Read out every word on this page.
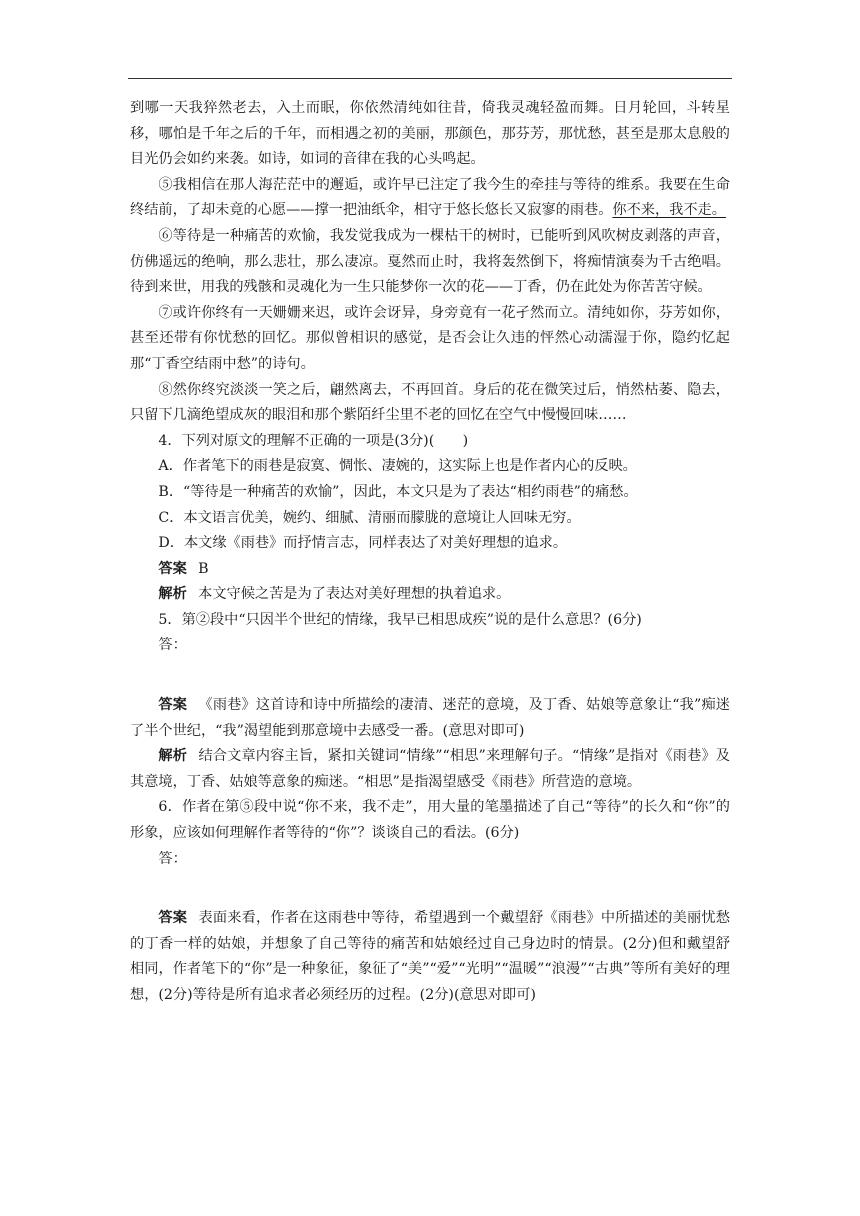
到哪一天我猝然老去，入土而眠，你依然清纯如往昔，倚我灵魂轻盈而舞。日月轮回，斗转星移，哪怕是千年之后的千年，而相遇之初的美丽，那颜色，那芬芳，那忧愁，甚至是那太息般的目光仍会如约来袭。如诗，如词的音律在我的心头鸣起。

⑤我相信在那人海茫茫中的邂逅，或许早已注定了我今生的牵挂与等待的维系。我要在生命终结前，了却未竟的心愿——撑一把油纸伞，相守于悠长悠长又寂寥的雨巷。你不来，我不走。

⑥等待是一种痛苦的欢愉，我发觉我成为一棵枯干的树时，已能听到风吹树皮剥落的声音，仿佛遥远的绝响，那么悲壮，那么凄凉。戛然而止时，我将轰然倒下，将痴情演奏为千古绝唱。待到来世，用我的残骸和灵魂化为一生只能梦你一次的花——丁香，仍在此处为你苦苦守候。

⑦或许你终有一天姗姗来迟，或许会讶异，身旁竟有一花孑然而立。清纯如你，芬芳如你，甚至还带有你忧愁的回忆。那似曾相识的感觉，是否会让久违的怦然心动濡湿于你，隐约忆起那“丁香空结雨中愁”的诗句。

⑧然你终究淡淡一笑之后，翩然离去，不再回首。身后的花在微笑过后，悄然枯萎、隐去，只留下几滴绝望成灰的眼泪和那个紫陌纤尘里不老的回忆在空气中慢慢回味……

4．下列对原文的理解不正确的一项是(3分)(　　)

A．作者笔下的雨巷是寂寞、惆怅、凄婉的，这实际上也是作者内心的反映。

B．“等待是一种痛苦的欢愉”，因此，本文只是为了表达“相约雨巷”的痛愁。

C．本文语言优美，婉约、细腻、清丽而朦胧的意境让人回味无穷。

D．本文缘《雨巷》而抒情言志，同样表达了对美好理想的追求。

答案 B

解析 本文守候之苦是为了表达对美好理想的执着追求。

5．第②段中“只因半个世纪的情缘，我早已相思成疾”说的是什么意思？(6分)

答：

答案 《雨巷》这首诗和诗中所描绘的凄清、迷茫的意境，及丁香、姑娘等意象让“我”痴迷了半个世纪，“我”渴望能到那意境中去感受一番。(意思对即可)

解析 结合文章内容主旨，紧扣关键词“情缘”“相思”来理解句子。“情缘”是指对《雨巷》及其意境，丁香、姑娘等意象的痴迷。“相思”是指渴望感受《雨巷》所营造的意境。

6．作者在第⑤段中说“你不来，我不走”，用大量的笔墨描述了自己“等待”的长久和“你”的形象，应该如何理解作者等待的“你”？谈谈自己的看法。(6分)

答：

答案 表面来看，作者在这雨巷中等待，希望遇到一个戴望舒《雨巷》中所描述的美丽忧愁的丁香一样的姑娘，并想象了自己等待的痛苦和姑娘经过自己身边时的情景。(2分)但和戴望舒相同，作者笔下的“你”是一种象征，象征了“美”“爱”“光明”“温暖”“浪漫”“古典”等所有美好的理想，(2分)等待是所有追求者必须经历的过程。(2分)(意思对即可)
